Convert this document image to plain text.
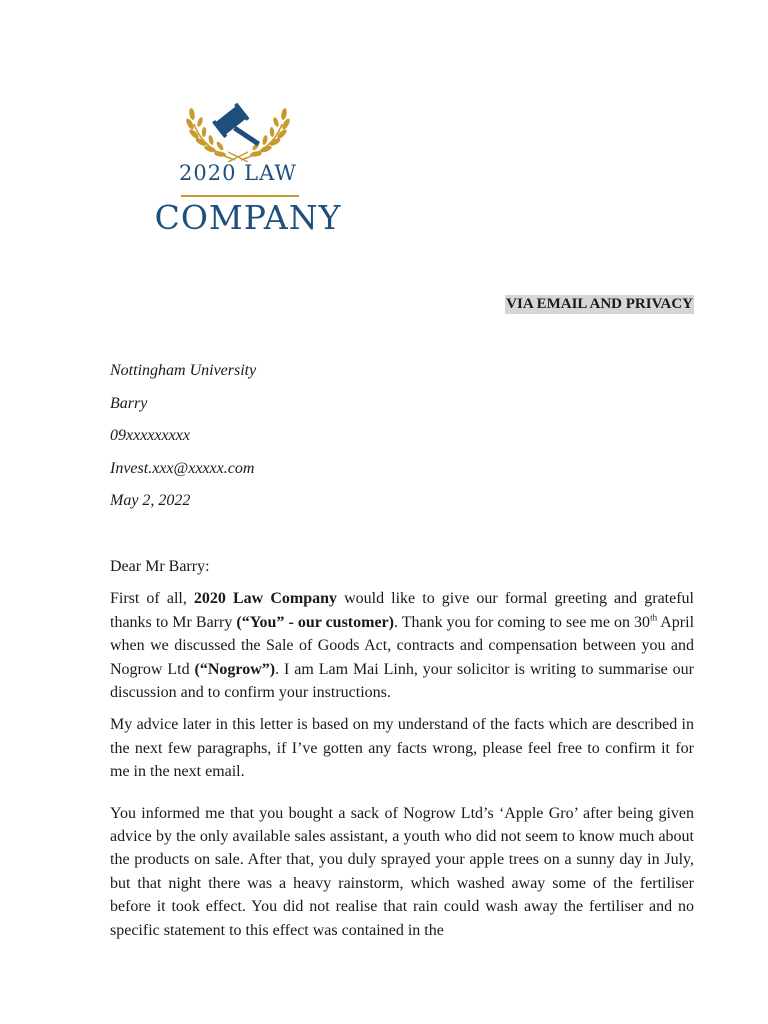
2020 LAW
COMPANY
VIA EMAIL AND PRIVACY
Nottingham University
Barry
09xxxxxxxxx
Invest.xxx@xxxxx.com
May 2, 2022

Dear Mr Barry:

First of all, 2020 Law Company would like to give our formal greeting and grateful thanks to Mr Barry (“You” - our customer). Thank you for coming to see me on 30th April when we discussed the Sale of Goods Act, contracts and compensation between you and Nogrow Ltd (“Nogrow”). I am Lam Mai Linh, your solicitor is writing to summarise our discussion and to confirm your instructions.

My advice later in this letter is based on my understand of the facts which are described in the next few paragraphs, if I’ve gotten any facts wrong, please feel free to confirm it for me in the next email.

You informed me that you bought a sack of Nogrow Ltd’s ‘Apple Gro’ after being given advice by the only available sales assistant, a youth who did not seem to know much about the products on sale. After that, you duly sprayed your apple trees on a sunny day in July, but that night there was a heavy rainstorm, which washed away some of the fertiliser before it took effect. You did not realise that rain could wash away the fertiliser and no specific statement to this effect was contained in the
